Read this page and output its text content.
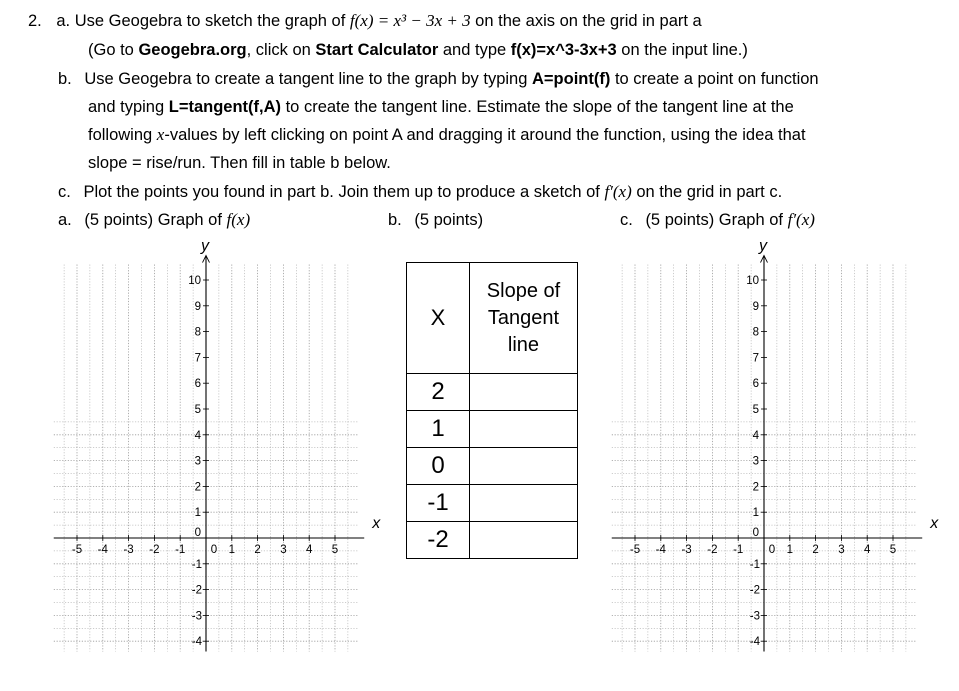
2. a. Use Geogebra to sketch the graph of f(x) = x³ − 3x + 3 on the axis on the grid in part a
(Go to Geogebra.org, click on Start Calculator and type f(x)=x^3-3x+3 on the input line.)
b. Use Geogebra to create a tangent line to the graph by typing A=point(f) to create a point on function
and typing L=tangent(f,A) to create the tangent line. Estimate the slope of the tangent line at the
following x-values by left clicking on point A and dragging it around the function, using the idea that
slope = rise/run. Then fill in table b below.
c. Plot the points you found in part b. Join them up to produce a sketch of f′(x) on the grid in part c.
a. (5 points) Graph of f(x)	b. (5 points)	c. (5 points) Graph of f′(x)
y
x
-5 -4 -3 -2 -1	1 2 3 4 5
10
9
8
7
6
5
4
3
2
1
0
-1
-2
-3
-4
0
y
x
-5 -4 -3 -2 -1	1 2 3 4 5
10
9
8
7
6
5
4
3
2
1
0
-1
-2
-3
-4
0
X	Slope of
Tangent
line

2	
1	
0	
-1	
-2	
